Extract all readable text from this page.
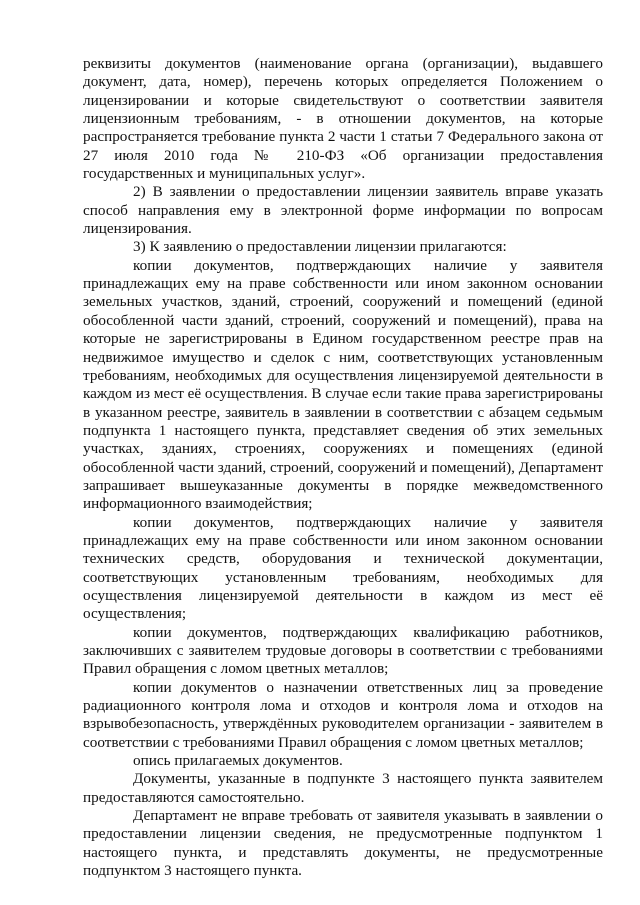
реквизиты документов (наименование органа (организации), выдавшего документ, дата, номер), перечень которых определяется Положением о лицензировании и которые свидетельствуют о соответствии заявителя лицензионным требованиям, - в отношении документов, на которые распространяется требование пункта 2 части 1 статьи 7 Федерального закона от 27 июля 2010 года № 210-ФЗ «Об организации предоставления государственных и муниципальных услуг».

2) В заявлении о предоставлении лицензии заявитель вправе указать способ направления ему в электронной форме информации по вопросам лицензирования.

3) К заявлению о предоставлении лицензии прилагаются:

копии документов, подтверждающих наличие у заявителя принадлежащих ему на праве собственности или ином законном основании земельных участков, зданий, строений, сооружений и помещений (единой обособленной части зданий, строений, сооружений и помещений), права на которые не зарегистрированы в Едином государственном реестре прав на недвижимое имущество и сделок с ним, соответствующих установленным требованиям, необходимых для осуществления лицензируемой деятельности в каждом из мест её осуществления. В случае если такие права зарегистрированы в указанном реестре, заявитель в заявлении в соответствии с абзацем седьмым подпункта 1 настоящего пункта, представляет сведения об этих земельных участках, зданиях, строениях, сооружениях и помещениях (единой обособленной части зданий, строений, сооружений и помещений), Департамент запрашивает вышеуказанные документы в порядке межведомственного информационного взаимодействия;

копии документов, подтверждающих наличие у заявителя принадлежащих ему на праве собственности или ином законном основании технических средств, оборудования и технической документации, соответствующих установленным требованиям, необходимых для осуществления лицензируемой деятельности в каждом из мест её осуществления;

копии документов, подтверждающих квалификацию работников, заключивших с заявителем трудовые договоры в соответствии с требованиями Правил обращения с ломом цветных металлов;

копии документов о назначении ответственных лиц за проведение радиационного контроля лома и отходов и контроля лома и отходов на взрывобезопасность, утверждённых руководителем организации - заявителем в соответствии с требованиями Правил обращения с ломом цветных металлов;

опись прилагаемых документов.

Документы, указанные в подпункте 3 настоящего пункта заявителем предоставляются самостоятельно.

Департамент не вправе требовать от заявителя указывать в заявлении о предоставлении лицензии сведения, не предусмотренные подпунктом 1 настоящего пункта, и представлять документы, не предусмотренные подпунктом 3 настоящего пункта.
